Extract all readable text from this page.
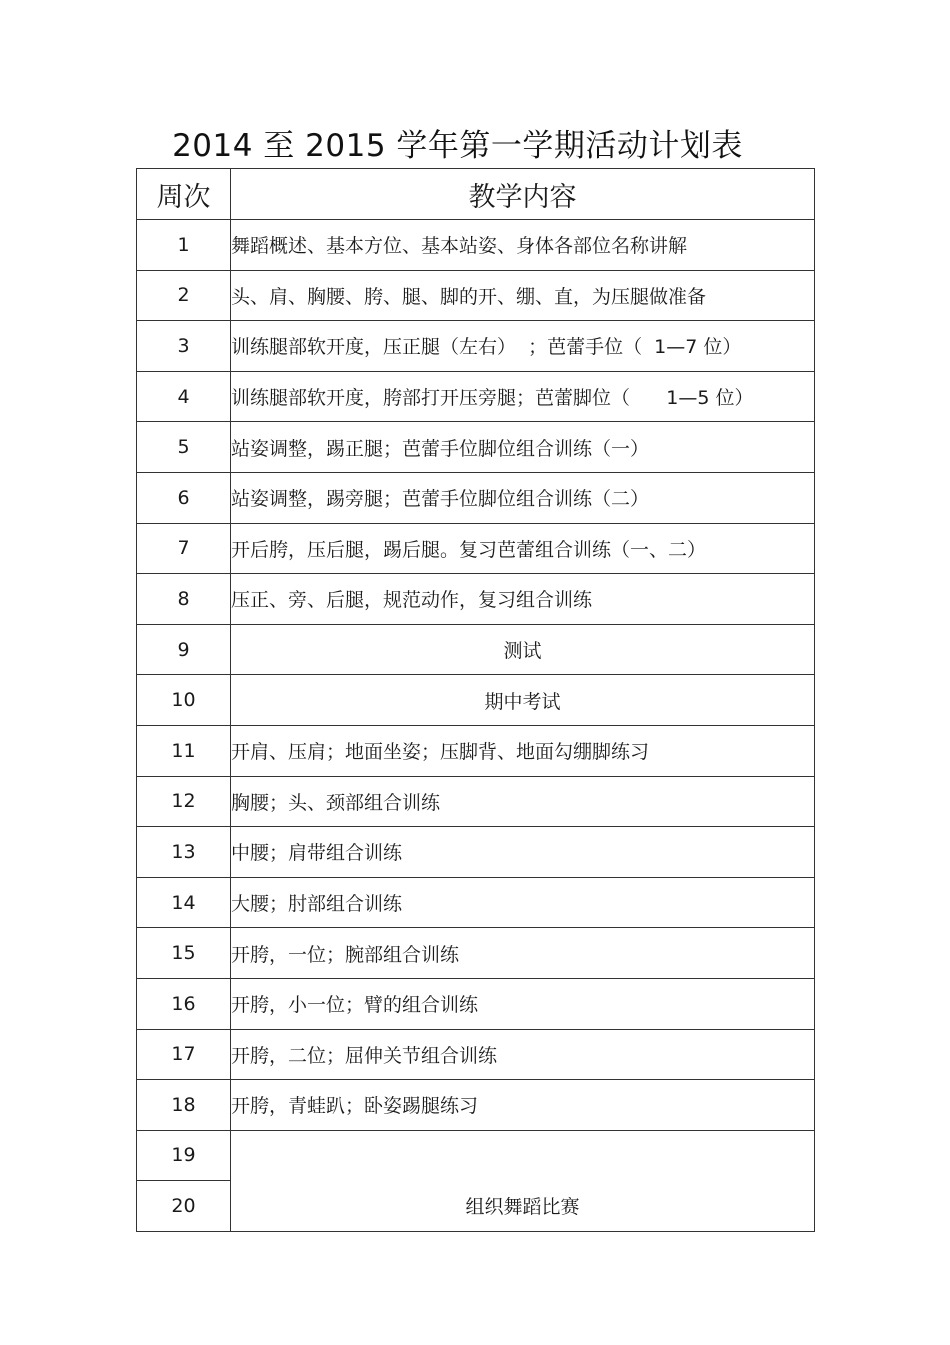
2014 至 2015 学年第一学期活动计划表
周次	教学内容
1	舞蹈概述、基本方位、基本站姿、身体各部位名称讲解
2	头、肩、胸腰、胯、腿、脚的开、绷、直，为压腿做准备
3	训练腿部软开度，压正腿（左右）  ；芭蕾手位（  1—7 位）
4	训练腿部软开度，胯部打开压旁腿；芭蕾脚位（      1—5 位）
5	站姿调整，踢正腿；芭蕾手位脚位组合训练（一）
6	站姿调整，踢旁腿；芭蕾手位脚位组合训练（二）
7	开后胯，压后腿，踢后腿。复习芭蕾组合训练（一、二）
8	压正、旁、后腿，规范动作，复习组合训练
9	测试
10	期中考试
11	开肩、压肩；地面坐姿；压脚背、地面勾绷脚练习
12	胸腰；头、颈部组合训练
13	中腰；肩带组合训练
14	大腰；肘部组合训练
15	开胯，一位；腕部组合训练
16	开胯，小一位；臂的组合训练
17	开胯，二位；屈伸关节组合训练
18	开胯，青蛙趴；卧姿踢腿练习
19	组织舞蹈比赛
20	
